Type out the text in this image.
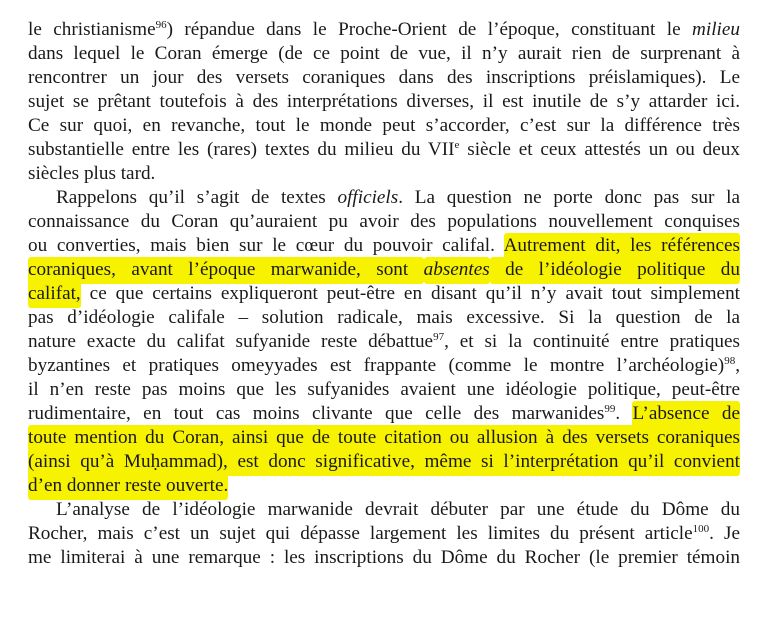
le christianisme$^{96}$) répandue dans le Proche-Orient de l’époque, constituant le milieu
dans lequel le Coran émerge (de ce point de vue, il n’y aurait rien de surprenant à
rencontrer un jour des versets coraniques dans des inscriptions préislamiques). Le
sujet se prêtant toutefois à des interprétations diverses, il est inutile de s’y attarder ici.
Ce sur quoi, en revanche, tout le monde peut s’accorder, c’est sur la différence très
substantielle entre les (rares) textes du milieu du VIIe siècle et ceux attestés un ou deux
siècles plus tard.
Rappelons qu’il s’agit de textes officiels. La question ne porte donc pas sur la
connaissance du Coran qu’auraient pu avoir des populations nouvellement conquises
ou converties, mais bien sur le cœur du pouvoir califal. Autrement dit, les références
coraniques, avant l’époque marwanide, sont absentes de l’idéologie politique du
califat, ce que certains expliqueront peut-être en disant qu’il n’y avait tout simplement
pas d’idéologie califale – solution radicale, mais excessive. Si la question de la
nature exacte du califat sufyanide reste débattue$^{97}$, et si la continuité entre pratiques
byzantines et pratiques omeyyades est frappante (comme le montre l’archéologie)$^{98}$,
il n’en reste pas moins que les sufyanides avaient une idéologie politique, peut-être
rudimentaire, en tout cas moins clivante que celle des marwanides$^{99}$. L’absence de
toute mention du Coran, ainsi que de toute citation ou allusion à des versets coraniques
(ainsi qu’à Muḥammad), est donc significative, même si l’interprétation qu’il convient
d’en donner reste ouverte.
L’analyse de l’idéologie marwanide devrait débuter par une étude du Dôme du
Rocher, mais c’est un sujet qui dépasse largement les limites du présent article$^{100}$. Je
me limiterai à une remarque : les inscriptions du Dôme du Rocher (le premier témoin
